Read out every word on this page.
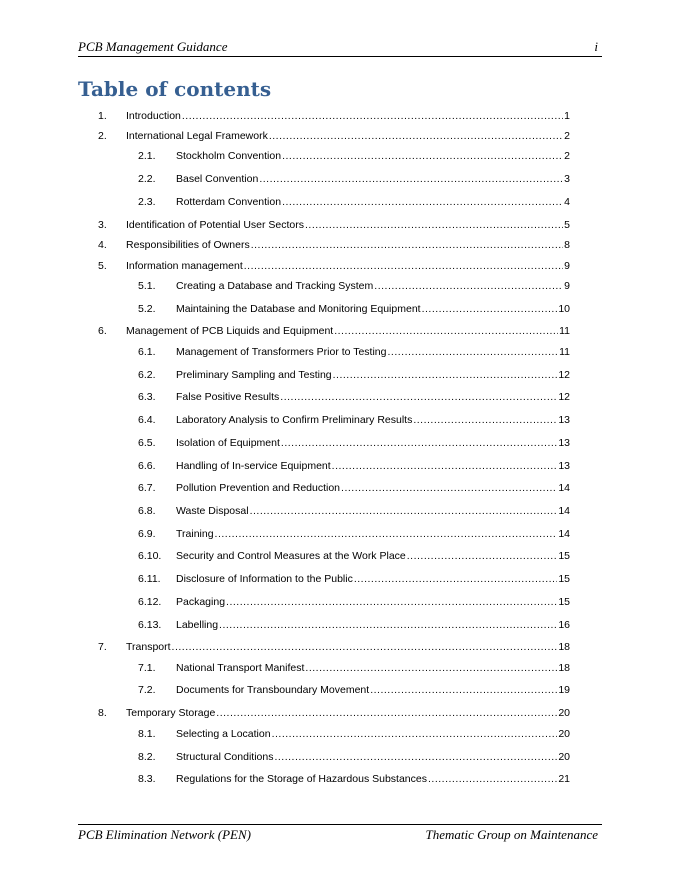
PCB Management Guidance	i
Table of contents
1.	Introduction .....	1
2.	International Legal Framework .....	2
2.1.	Stockholm Convention .....	2
2.2.	Basel Convention .....	3
2.3.	Rotterdam Convention .....	4
3.	Identification of Potential User Sectors .....	5
4.	Responsibilities of Owners .....	8
5.	Information management .....	9
5.1.	Creating a Database and Tracking System .....	9
5.2.	Maintaining the Database and Monitoring Equipment .....	10
6.	Management of PCB Liquids and Equipment .....	11
6.1.	Management of Transformers Prior to Testing .....	11
6.2.	Preliminary Sampling and Testing .....	12
6.3.	False Positive Results .....	12
6.4.	Laboratory Analysis to Confirm Preliminary Results .....	13
6.5.	Isolation of Equipment .....	13
6.6.	Handling of In-service Equipment .....	13
6.7.	Pollution Prevention and Reduction .....	14
6.8.	Waste Disposal .....	14
6.9.	Training .....	14
6.10.	Security and Control Measures at the Work Place .....	15
6.11.	Disclosure of Information to the Public .....	15
6.12.	Packaging .....	15
6.13.	Labelling .....	16
7.	Transport .....	18
7.1.	National Transport Manifest .....	18
7.2.	Documents for Transboundary Movement .....	19
8.	Temporary Storage .....	20
8.1.	Selecting a Location .....	20
8.2.	Structural Conditions .....	20
8.3.	Regulations for the Storage of Hazardous Substances .....	21
PCB Elimination Network (PEN)	Thematic Group on Maintenance
